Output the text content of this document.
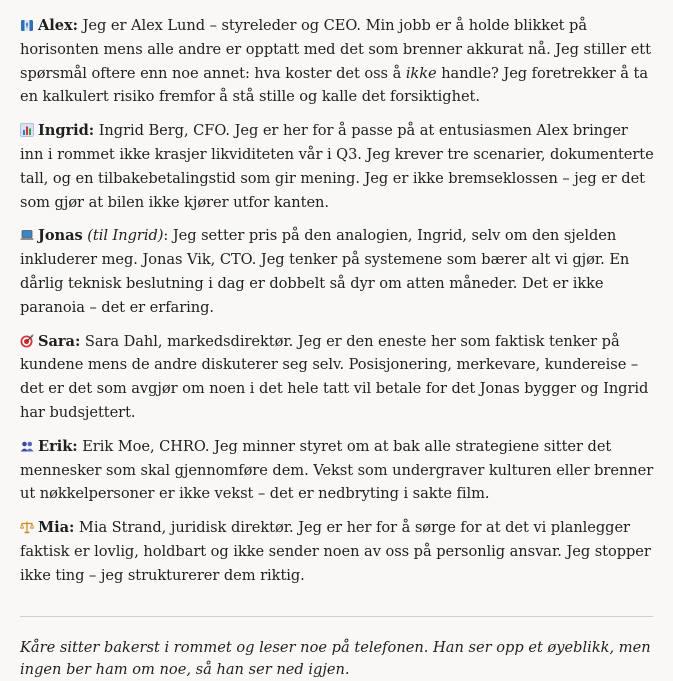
Alex: Jeg er Alex Lund – styreleder og CEO. Min jobb er å holde blikket på horisonten mens alle andre er opptatt med det som brenner akkurat nå. Jeg stiller ett spørsmål oftere enn noe annet: hva koster det oss å ikke handle? Jeg foretrekker å ta en kalkulert risiko fremfor å stå stille og kalle det forsiktighet.

Ingrid: Ingrid Berg, CFO. Jeg er her for å passe på at entusiasmen Alex bringer inn i rommet ikke krasjer likviditeten vår i Q3. Jeg krever tre scenarier, dokumenterte tall, og en tilbakebetalingstid som gir mening. Jeg er ikke bremseklossen – jeg er det som gjør at bilen ikke kjører utfor kanten.

Jonas (til Ingrid): Jeg setter pris på den analogien, Ingrid, selv om den sjelden inkluderer meg. Jonas Vik, CTO. Jeg tenker på systemene som bærer alt vi gjør. En dårlig teknisk beslutning i dag er dobbelt så dyr om atten måneder. Det er ikke paranoia – det er erfaring.

Sara: Sara Dahl, markedsdirektør. Jeg er den eneste her som faktisk tenker på kundene mens de andre diskuterer seg selv. Posisjonering, merkevare, kundereise – det er det som avgjør om noen i det hele tatt vil betale for det Jonas bygger og Ingrid har budsjettert.

Erik: Erik Moe, CHRO. Jeg minner styret om at bak alle strategiene sitter det mennesker som skal gjennomføre dem. Vekst som undergraver kulturen eller brenner ut nøkkelpersoner er ikke vekst – det er nedbryting i sakte film.

Mia: Mia Strand, juridisk direktør. Jeg er her for å sørge for at det vi planlegger faktisk er lovlig, holdbart og ikke sender noen av oss på personlig ansvar. Jeg stopper ikke ting – jeg strukturerer dem riktig.

Kåre sitter bakerst i rommet og leser noe på telefonen. Han ser opp et øyeblikk, men ingen ber ham om noe, så han ser ned igjen.
